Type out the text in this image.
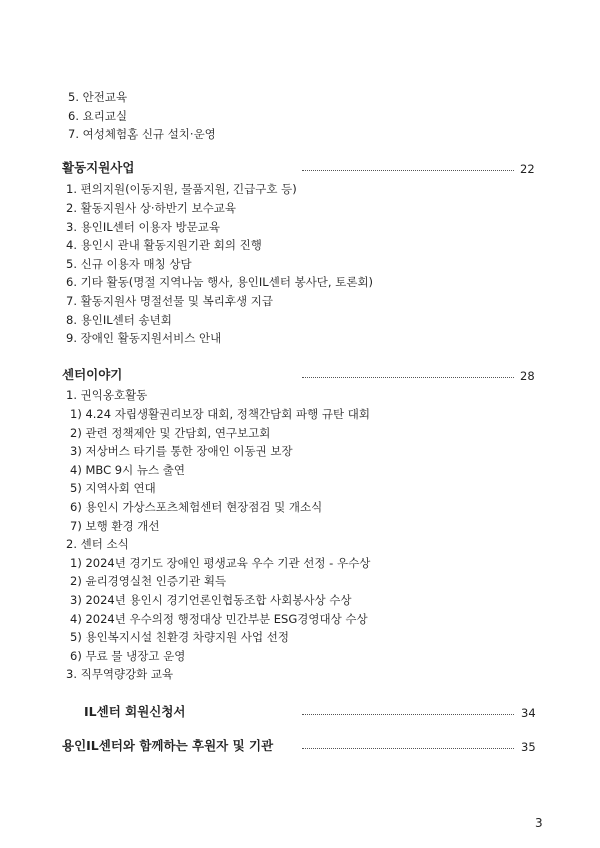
5. 안전교육
6. 요리교실
7. 여성체험홈 신규 설치·운영
활동지원사업	22
1. 편의지원(이동지원, 물품지원, 긴급구호 등)
2. 활동지원사 상·하반기 보수교육
3. 용인IL센터 이용자 방문교육
4. 용인시 관내 활동지원기관 회의 진행
5. 신규 이용자 매칭 상담
6. 기타 활동(명절 지역나눔 행사, 용인IL센터 봉사단, 토론회)
7. 활동지원사 명절선물 및 복리후생 지급
8. 용인IL센터 송년회
9. 장애인 활동지원서비스 안내
센터이야기	28
1. 권익옹호활동
1) 4.24 자립생활권리보장 대회, 정책간담회 파행 규탄 대회
2) 관련 정책제안 및 간담회, 연구보고회
3) 저상버스 타기를 통한 장애인 이동권 보장
4) MBC 9시 뉴스 출연
5) 지역사회 연대
6) 용인시 가상스포츠체험센터 현장점검 및 개소식
7) 보행 환경 개선
2. 센터 소식
1) 2024년 경기도 장애인 평생교육 우수 기관 선정 - 우수상
2) 윤리경영실천 인증기관 획득
3) 2024년 용인시 경기언론인협동조합 사회봉사상 수상
4) 2024년 우수의정 행정대상 민간부분 ESG경영대상 수상
5) 용인복지시설 친환경 차량지원 사업 선정
6) 무료 물 냉장고 운영
3. 직무역량강화 교육
IL센터 회원신청서	34
용인IL센터와 함께하는 후원자 및 기관	35
3
